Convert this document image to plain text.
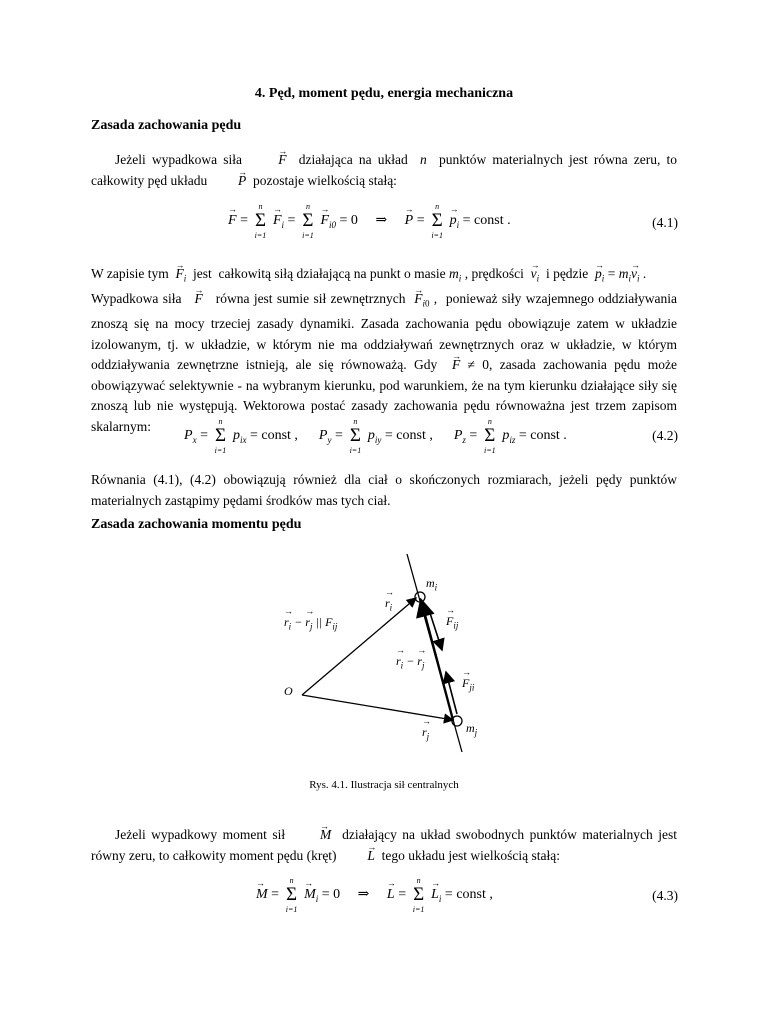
4. Pęd, moment pędu, energia mechaniczna
Zasada zachowania pędu

Jeżeli wypadkowa siła  → F  działająca na układ  n  punktów materialnych jest równa zeru, to całkowity pęd układu  → P  pozostaje wielkością stałą:

→ F = Σ
n
i=1
→ $F_i = \Sigma$
n
i=1
→ $F_{i0} = 0$ ⇒ → P = Σ
n
i=1
→ $p_i$ = const .	(4.1)

W zapisie tym  → $F_i$  jest  całkowitą siłą działającą na punkt o masie $m_i$ , prędkości  → $v_i$  i pędzie  → $p_i = m_i\to v_i$ .

Wypadkowa siła   → F   równa jest sumie sił zewnętrznych  → $F_{i0}$ ,  ponieważ siły wzajemnego oddziaływania znoszą się na mocy trzeciej zasady dynamiki. Zasada zachowania pędu obowiązuje zatem w układzie izolowanym, tj. w układzie, w którym nie ma oddziaływań zewnętrznych oraz w układzie, w którym oddziaływania zewnętrzne istnieją, ale się równoważą. Gdy  → F ≠ 0, zasada zachowania pędu może obowiązywać selektywnie - na wybranym kierunku, pod warunkiem, że na tym kierunku działające siły się znoszą lub nie występują. Wektorowa postać zasady zachowania pędu równoważna jest trzem zapisom skalarnym:

$P_x = \Sigma$
n
i=1
$p_{ix}$ = const ,      $P_y = \Sigma$
n
i=1
$p_{iy}$ = const ,      $P_z = \Sigma$
n
i=1
$p_{iz}$ = const .	(4.2)

Równania (4.1), (4.2) obowiązują również dla ciał o skończonych rozmiarach, jeżeli pędy punktów materialnych zastąpimy pędami środków mas tych ciał.

Zasada zachowania momentu pędu
$m_i$
$m_j$
O
→ $r_i$
→ $r_j$
→ $F_{ij}$
→ $F_{ji}$
→ $r_i$ − → $r_j$
→ $r_i$ − → $r_j$ || $F_{ij}$
Rys. 4.1. Ilustracja sił centralnych

Jeżeli wypadkowy moment sił  → M  działający na układ swobodnych punktów materialnych jest równy zeru, to całkowity moment pędu (kręt)  → L  tego układu jest wielkością stałą:

→ M = Σ
n
i=1
→ $M_i = 0$ ⇒ → L = Σ
n
i=1
→ $L_i$ = const ,	(4.3)
